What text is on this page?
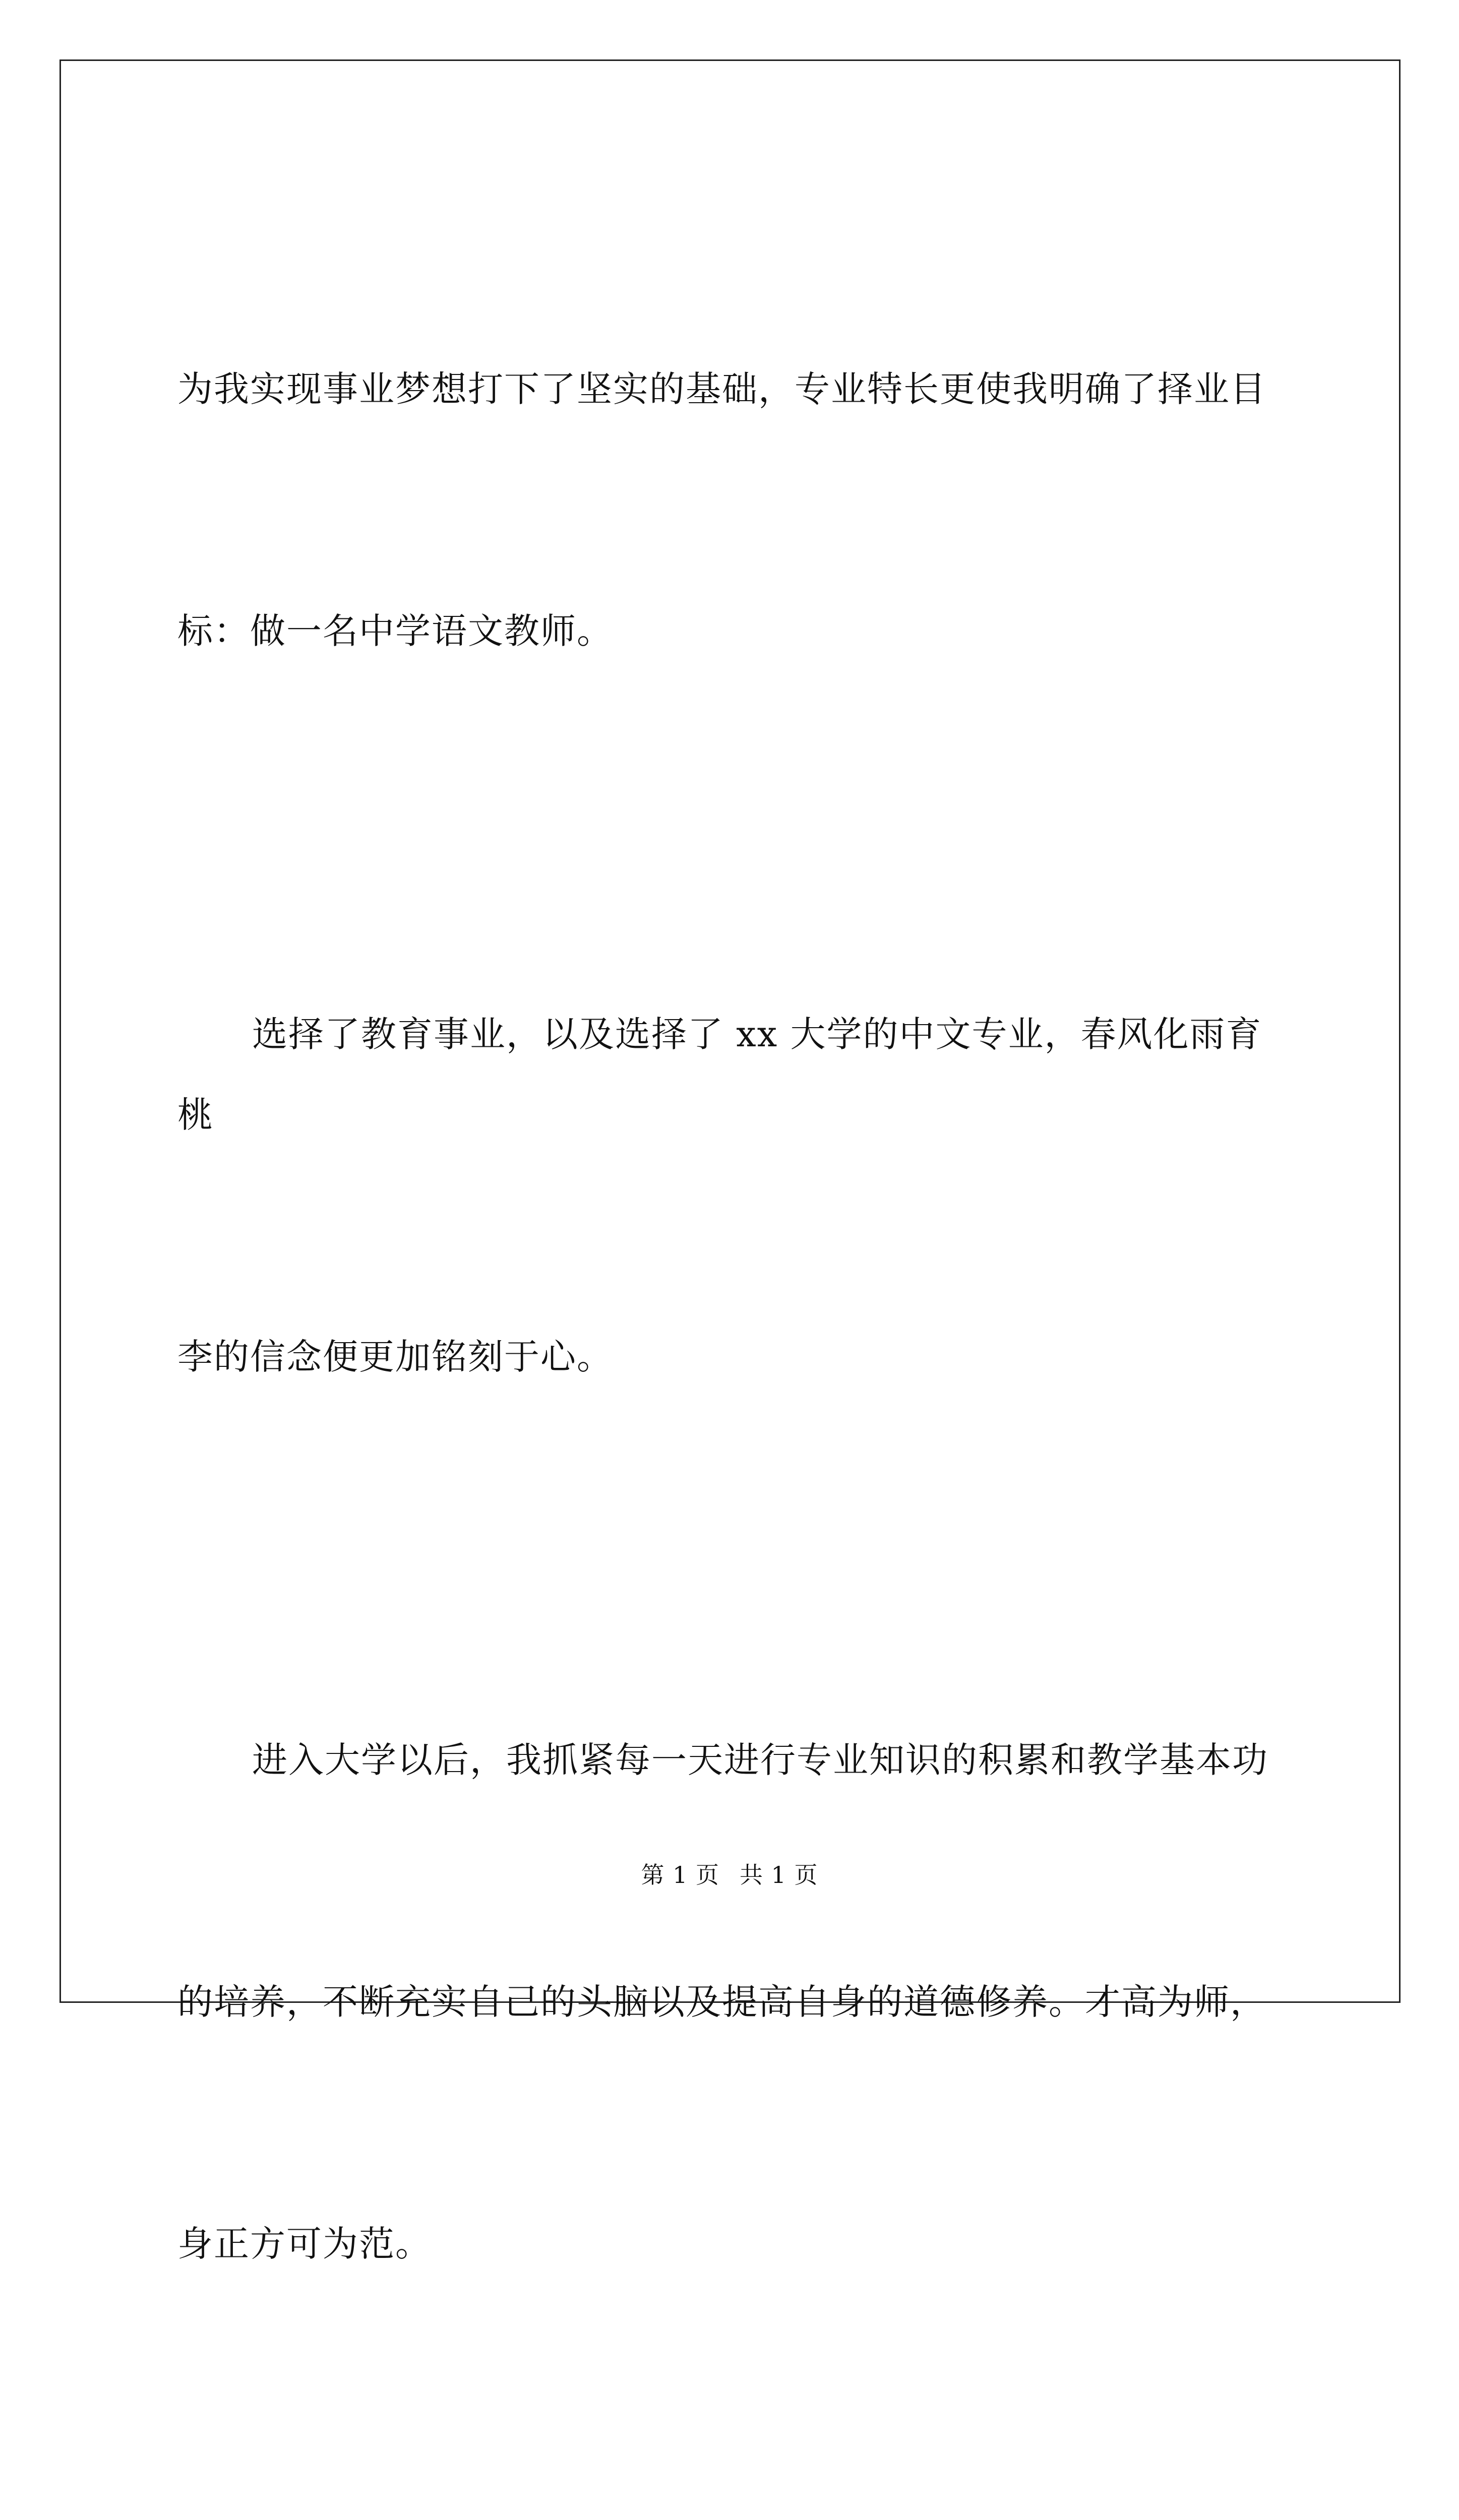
为我实现事业梦想打下了坚实的基础，专业特长更使我明确了择业目

标：做一名中学语文教师。

选择了教育事业，以及选择了 xx 大学的中文专业，春风化雨育桃

李的信念便更加铭刻于心。

进入大学以后，我抓紧每一天进行专业知识的积累和教学基本功

的培养，不断充实自己的头脑以及提高自身的道德修养。才高为师，

身正方可为范。

第 1 页 共 1 页
